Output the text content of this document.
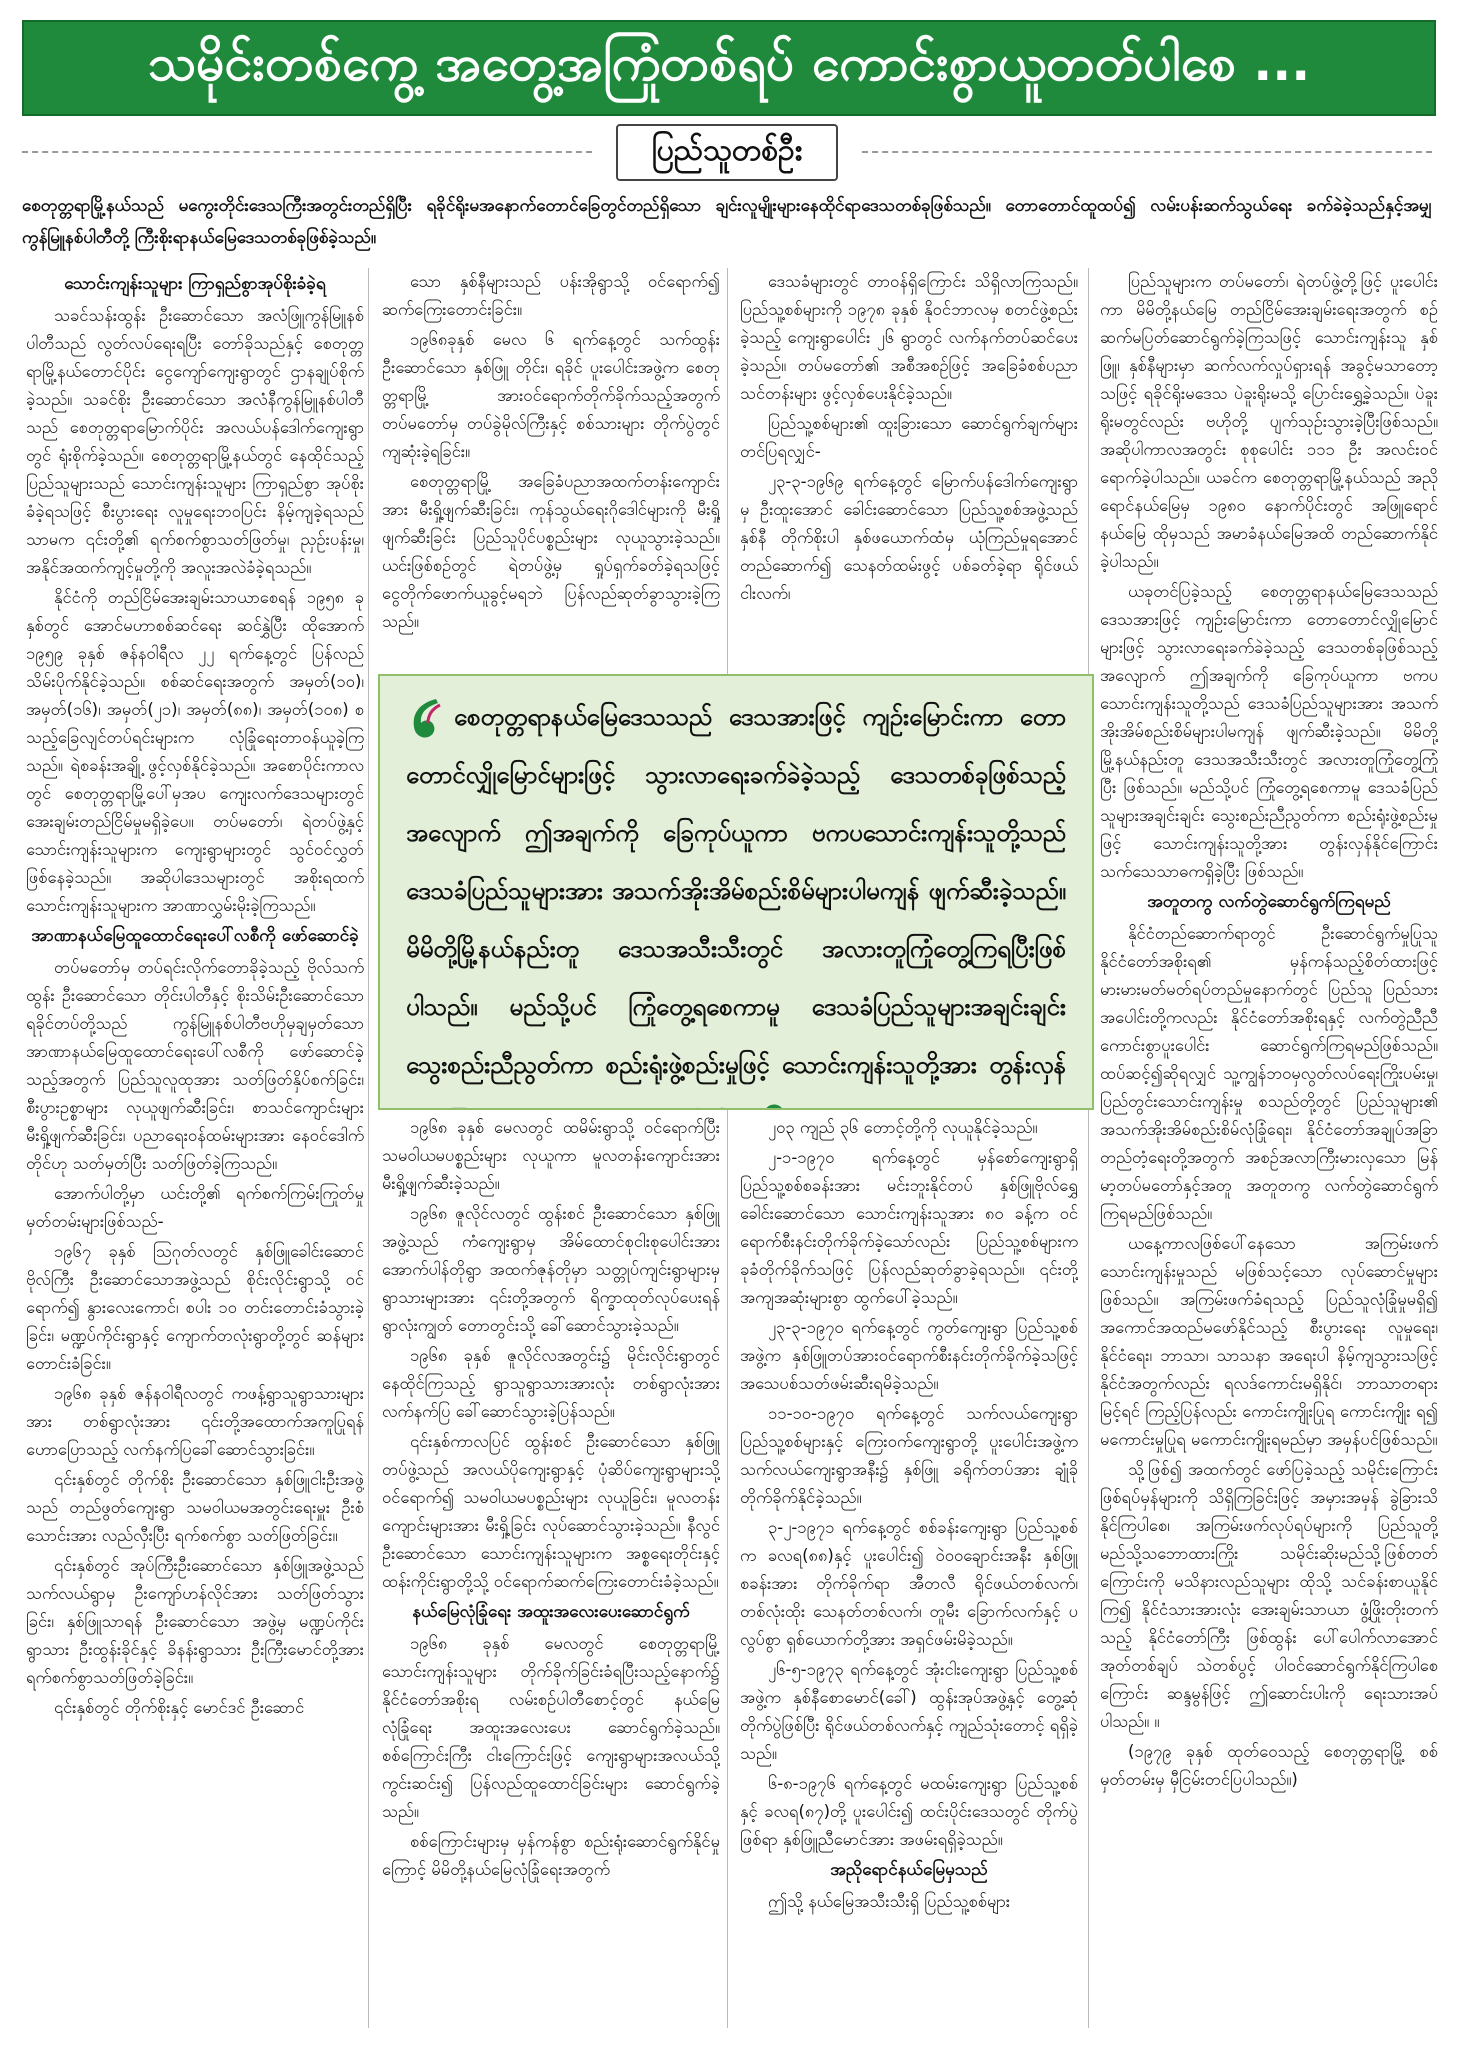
သမိုင်းတစ်ကွေ့ အတွေ့အကြုံတစ်ရပ် ကောင်းစွာယူတတ်ပါစေ ...
ပြည်သူတစ်ဦး
စေတုတ္တရာမြို့နယ်သည် မကွေးတိုင်းဒေသကြီးအတွင်းတည်ရှိပြီး ရခိုင်ရိုးမအနောက်တောင်ခြေတွင်တည်ရှိသော ချင်းလူမျိုးများနေထိုင်ရာဒေသတစ်ခုဖြစ်သည်။ တောတောင်ထူထပ်၍ လမ်းပန်းဆက်သွယ်ရေး ခက်ခဲခဲ့သည်နှင့်အမျှ ကွန်မြူနစ်ပါတီတို့ ကြီးစိုးရာနယ်မြေဒေသတစ်ခုဖြစ်ခဲ့သည်။
သောင်းကျန်းသူများ ကြာရှည်စွာအုပ်စိုးခံခဲ့ရ

သခင်သန်းထွန်း ဦးဆောင်သော အလံဖြူကွန်မြူနစ်ပါတီသည် လွတ်လပ်ရေးရပြီး တော်ခိုသည်နှင့် စေတုတ္တရာမြို့နယ်တောင်ပိုင်း ငွေကျော်ကျေးရွာတွင် ဌာနချုပ်စိုက်ခဲ့သည်။ သခင်စိုး ဦးဆောင်သော အလံနီကွန်မြူနစ်ပါတီသည် စေတုတ္တရာမြောက်ပိုင်း အလယ်ပန်ဒေါက်ကျေးရွာတွင် ရုံးစိုက်ခဲ့သည်။ စေတုတ္တရာမြို့နယ်တွင် နေထိုင်သည့် ပြည်သူများသည် သောင်းကျန်းသူများ ကြာရှည်စွာ အုပ်စိုးခံခဲ့ရသဖြင့် စီးပွားရေး လူမှုရေးဘဝပြင်း နိမ့်ကျခဲ့ရသည်သာမက ၎င်းတို့၏ ရက်စက်စွာသတ်ဖြတ်မှု၊ ညှဉ်းပန်းမှု၊ အနိုင်အထက်ကျင့်မှုတို့ကို အလူးအလဲခံခဲ့ရသည်။

နိုင်ငံကို တည်ငြိမ်အေးချမ်းသာယာစေရန် ၁၉၅၈ ခုနှစ်တွင် အောင်မဟာစစ်ဆင်ရေး ဆင်နွှဲပြီး ထိုအောက် ၁၉၅၉ ခုနှစ် ဇန်နဝါရီလ ၂၂ ရက်နေ့တွင် ပြန်လည်သိမ်းပိုက်နိုင်ခဲ့သည်။ စစ်ဆင်ရေးအတွက် အမှတ်(၁၀)၊ အမှတ်(၁၆)၊ အမှတ်(၂၁)၊ အမှတ်(၈၈)၊ အမှတ်(၁၀၈) စသည့်ခြေလျင်တပ်ရင်းများက လုံခြုံရေးတာဝန်ယူခဲ့ကြသည်။ ရဲစခန်းအချို့ ဖွင့်လှစ်နိုင်ခဲ့သည်။ အစောပိုင်းကာလတွင် စေတုတ္တရာမြို့ပေါ်မှအပ ကျေးလက်ဒေသများတွင် အေးချမ်းတည်ငြိမ်မှုမရှိခဲ့ပေ။ တပ်မတော်၊ ရဲတပ်ဖွဲ့နှင့် သောင်းကျန်းသူများက ကျေးရွာများတွင် သွင်ဝင်လွှတ် ဖြစ်နေခဲ့သည်။ အဆိုပါဒေသများတွင် အစိုးရထက် သောင်းကျန်းသူများက အာဏာလွှမ်းမိုးခဲ့ကြသည်။

အာဏာနယ်မြေထူထောင်ရေးပေါ်လစီကို ဖော်ဆောင်ခဲ့

တပ်မတော်မှ တပ်ရင်းလိုက်တောခိုခဲ့သည့် ဗိုလ်သက်ထွန်း ဦးဆောင်သော တိုင်းပါတီနှင့် စိုးသိမ်းဦးဆောင်သော ရခိုင်တပ်တို့သည် ကွန်မြူနစ်ပါတီဗဟိုမှချမှတ်သော အာဏာနယ်မြေထူထောင်ရေးပေါ်လစီကို ဖော်ဆောင်ခဲ့သည့်အတွက် ပြည်သူလူထုအား သတ်ဖြတ်နှိပ်စက်ခြင်း၊ စီးပွားဥစ္စာများ လုယူဖျက်ဆီးခြင်း၊ စာသင်ကျောင်းများ မီးရှို့ဖျက်ဆီးခြင်း၊ ပညာရေးဝန်ထမ်းများအား နေဝင်ဒေါက်တိုင်ဟု သတ်မှတ်ပြီး သတ်ဖြတ်ခဲ့ကြသည်။

အောက်ပါတို့မှာ ယင်းတို့၏ ရက်စက်ကြမ်းကြုတ်မှုမှတ်တမ်းများဖြစ်သည်-

၁၉၆၇ ခုနှစ် ဩဂုတ်လတွင် နှစ်ဖြူခေါင်းဆောင်ဗိုလ်ကြီး ဦးဆောင်သောအဖွဲ့သည် စိုင်းလိုင်းရွာသို့ ဝင်ရောက်၍ နွားလေးကောင်၊ စပါး ၁၀ တင်းတောင်းခံသွားခဲ့ခြင်း၊ မဏ္ဍပ်ကိုင်းရွာနှင့် ကျောက်တလုံးရွာတို့တွင် ဆန်များတောင်းခံခြင်း။

၁၉၆၈ ခုနှစ် ဇန်နဝါရီလတွင် ကဖန့်ရွာသူရွာသားများအား တစ်ရွာလုံးအား ၎င်းတို့အထောက်အကူပြုရန် ဟောပြောသည့် လက်နက်ပြခေါ်ဆောင်သွားခြင်း။

၎င်းနှစ်တွင် တိုက်စိုး ဦးဆောင်သော နှစ်ဖြူငါးဦးအဖွဲ့သည် တည်ဖွတ်ကျေးရွာ သမဝါယမအတွင်းရေးမှူး ဦးစံသောင်းအား လည်လှီးပြီး ရက်စက်စွာ သတ်ဖြတ်ခြင်း။

၎င်းနှစ်တွင် အုပ်ကြီးဦးဆောင်သော နှစ်ဖြူအဖွဲ့သည် သက်လယ်ရွာမှ ဦးကျော်ဟန်လိုင်အား သတ်ဖြတ်သွားခြင်း၊ နှစ်ဖြူသာရန် ဦးဆောင်သော အဖွဲ့မှ မဏ္ဍပ်ကိုင်းရွာသား ဦးထွန်းခိုင်နှင့် ခိနန်းရွာသား ဦးကြီးမောင်တို့အား ရက်စက်စွာသတ်ဖြတ်ခဲ့ခြင်း။

၎င်းနှစ်တွင် တိုက်စိုးနှင့် မောင်ဒင် ဦးဆောင်

သော နှစ်နီများသည် ပန်းအိုရွာသို့ ဝင်ရောက်၍ ဆက်ကြေးတောင်းခြင်း။

၁၉၆၈ခုနှစ် မေလ ၆ ရက်နေ့တွင် သက်ထွန်း ဦးဆောင်သော နှစ်ဖြူ တိုင်း၊ ရခိုင် ပူးပေါင်းအဖွဲ့က စေတုတ္တရာမြို့ အားဝင်ရောက်တိုက်ခိုက်သည့်အတွက် တပ်မတော်မှ တပ်ခွဲမိုလ်ကြီးနှင့် စစ်သားများ တိုက်ပွဲတွင် ကျဆုံးခဲ့ရခြင်း။

စေတုတ္တရာမြို့ အခြေခံပညာအထက်တန်းကျောင်းအား မီးရှို့ဖျက်ဆီးခြင်း၊ ကုန်သွယ်ရေးဂိုဒေါင်များကို မီးရှို့ဖျက်ဆီးခြင်း ပြည်သူပိုင်ပစ္စည်းများ လုယူသွားခဲ့သည်။ ယင်းဖြစ်စဉ်တွင် ရဲတပ်ဖွဲ့မှ ရှုပ်ရှက်ခတ်ခဲ့ရသဖြင့် ငွေတိုက်ဖောက်ယူခွင့်မရဘဲ ပြန်လည်ဆုတ်ခွာသွားခဲ့ကြသည်။

၁၉၆၈ ခုနှစ် မေလတွင် ထမိမ်းရွာသို့ ဝင်ရောက်ပြီး သမဝါယမပစ္စည်းများ လုယူကာ မူလတန်းကျောင်းအား မီးရှို့ဖျက်ဆီးခဲ့သည်။

၁၉၆၈ ဇူလိုင်လတွင် ထွန်းစင် ဦးဆောင်သော နှစ်ဖြူအဖွဲ့သည် ကံကျေးရွာမှ အိမ်ထောင်စုငါးစုပေါင်းအား အောက်ပါန်တိုရွာ အထက်ဇုန်တိုမှာ သတ္တုပ်ကျင်းရွာများမှ ရွာသားများအား ၎င်းတို့အတွက် ရိက္ခာထုတ်လုပ်ပေးရန် ရွာလုံးကျွတ် တောတွင်းသို့ ခေါ်ဆောင်သွားခဲ့သည်။

၁၉၆၈ ခုနှစ် ဇူလိုင်လအတွင်း၌ မိုင်းလိုင်းရွာတွင် နေထိုင်ကြသည့် ရွာသူရွာသားအားလုံး တစ်ရွာလုံးအား လက်နက်ပြ ခေါ်ဆောင်သွားခဲ့ပြန်သည်။

၎င်းနှစ်ကာလပြင် ထွန်းစင် ဦးဆောင်သော နှစ်ဖြူတပ်ဖွဲ့သည် အလယ်ပိုကျေးရွာနှင့် ပုံဆိပ်ကျေးရွာများသို့ ဝင်ရောက်၍ သမဝါယမပစ္စည်းများ လုယူခြင်း၊ မူလတန်းကျောင်းများအား မီးရှို့ခြင်း လုပ်ဆောင်သွားခဲ့သည်။ နီလွင် ဦးဆောင်သော သောင်းကျန်းသူများက အစ္စရေးတိုင်းနှင့် ထန်းကိုင်းရွာတို့သို့ ဝင်ရောက်ဆက်ကြေးတောင်းခံခဲ့သည်။

နယ်မြေလုံခြုံရေး အထူးအလေးပေးဆောင်ရွက်

၁၉၆၈ ခုနှစ် မေလတွင် စေတုတ္တရာမြို့ သောင်းကျန်းသူများ တိုက်ခိုက်ခြင်းခံရပြီးသည့်နောက်၌ နိုင်ငံတော်အစိုးရ လမ်းစဉ်ပါတီစောင့်တွင် နယ်မြေလုံခြုံရေး အထူးအလေးပေး ဆောင်ရွက်ခဲ့သည်။ စစ်ကြောင်းကြီး ငါးကြောင်းဖြင့် ကျေးရွာများအလယ်သို့ ကွင်းဆင်း၍ ပြန်လည်ထူထောင်ခြင်းများ ဆောင်ရွက်ခဲ့သည်။

စစ်ကြောင်းများမှ မှန်ကန်စွာ စည်းရုံးဆောင်ရွက်နိုင်မှုကြောင့် မိမိတို့နယ်မြေလုံခြုံရေးအတွက်

ဒေသခံများတွင် တာဝန်ရှိကြောင်း သိရှိလာကြသည်။ ပြည်သူ့စစ်များကို ၁၉၇၈ ခုနှစ် နိုဝင်ဘာလမှ စတင်ဖွဲ့စည်းခဲ့သည့် ကျေးရွာပေါင်း ၂၆ ရွာတွင် လက်နက်တပ်ဆင်ပေးခဲ့သည်။ တပ်မတော်၏ အစီအစဉ်ဖြင့် အခြေခံစစ်ပညာသင်တန်းများ ဖွင့်လှစ်ပေးနိုင်ခဲ့သည်။

ပြည်သူ့စစ်များ၏ ထူးခြားသော ဆောင်ရွက်ချက်များတင်ပြရလျှင်-

၂၃-၃-၁၉၆၉ ရက်နေ့တွင် မြောက်ပန်ဒေါက်ကျေးရွာမှ ဦးထူးအောင် ခေါင်းဆောင်သော ပြည်သူ့စစ်အဖွဲ့သည် နှစ်နီ တိုက်စိုးပါ နှစ်ဖယောက်ထံမှ ယုံကြည်မှုရအောင် တည်ဆောက်၍ သေနတ်ထမ်းဖွင့် ပစ်ခတ်ခဲ့ရာ ရိုင်ဖယ် ငါးလက်၊

၂၀၃ ကျည် ၃၆ တောင့်တို့ကို လုယူနိုင်ခဲ့သည်။

၂-၁-၁၉၇၀ ရက်နေ့တွင် မှန်စော်ကျေးရွာရှိ ပြည်သူ့စစ်စခန်းအား မင်းဘူးနိုင်တပ် နှစ်ဖြူဗိုလ်ရွှေခေါင်းဆောင်သော သောင်းကျန်းသူအား ၈၀ ခန့်က ဝင်ရောက်စီးနင်းတိုက်ခိုက်ခဲ့သော်လည်း ပြည်သူ့စစ်များက ခုခံတိုက်ခိုက်သဖြင့် ပြန်လည်ဆုတ်ခွာခဲ့ရသည်။ ၎င်းတို့ အကျအဆုံးများစွာ ထွက်ပေါ်ခဲ့သည်။

၂၃-၃-၁၉၇၀ ရက်နေ့တွင် ကွတ်ကျေးရွာ ပြည်သူ့စစ်အဖွဲ့က နှစ်ဖြူတပ်အားဝင်ရောက်စီးနင်းတိုက်ခိုက်ခဲ့သဖြင့် အသေပစ်သတ်ဖမ်းဆီးရမိခဲ့သည်။

၁၁-၁၀-၁၉၇၀ ရက်နေ့တွင် သက်လယ်ကျေးရွာ ပြည်သူ့စစ်များနှင့် ကြေးဝက်ကျေးရွာတို့ ပူးပေါင်းအဖွဲ့က သက်လယ်ကျေးရွာအနီး၌ နှစ်ဖြူ ခရိုက်တပ်အား ချုံခိုတိုက်ခိုက်နိုင်ခဲ့သည်။

၃-၂-၁၉၇၁ ရက်နေ့တွင် စစ်ခန်းကျေးရွာ ပြည်သူ့စစ်က ခလရ(၈၈)နှင့် ပူးပေါင်း၍ ဝဲဝဝချောင်းအနီး နှစ်ဖြူစခန်းအား တိုက်ခိုက်ရာ အီတလီ ရိုင်ဖယ်တစ်လက်၊ တစ်လုံးထိုး သေနတ်တစ်လက်၊ တူမီး ခြောက်လက်နှင့် ပလွပ်စွာ ရှစ်ယောက်တို့အား အရှင်ဖမ်းမိခဲ့သည်။

၂၆-၅-၁၉၇၃ ရက်နေ့တွင် အုံးငါးကျေးရွာ ပြည်သူ့စစ်အဖွဲ့က နှစ်နီစောမောင်(ခေါ်) ထွန်းအုပ်အဖွဲ့နှင့် တွေ့ဆုံတိုက်ပွဲဖြစ်ပြီး ရိုင်ဖယ်တစ်လက်နှင့် ကျည်သုံးတောင့် ရရှိခဲ့သည်။

၆-၈-၁၉၇၆ ရက်နေ့တွင် မထမ်းကျေးရွာ ပြည်သူ့စစ်နှင့် ခလရ(၈၇)တို့ ပူးပေါင်း၍ ထင်းပိုင်းဒေသတွင် တိုက်ပွဲဖြစ်ရာ နှစ်ဖြူညီမောင်အား အဖမ်းရရှိခဲ့သည်။

အညိုရောင်နယ်မြေမှသည်

ဤသို့ နယ်မြေအသီးသီးရှိ ပြည်သူ့စစ်များ

ပြည်သူများက တပ်မတော်၊ ရဲတပ်ဖွဲ့တို့ဖြင့် ပူးပေါင်းကာ မိမိတို့နယ်မြေ တည်ငြိမ်အေးချမ်းရေးအတွက် စဉ်ဆက်မပြတ်ဆောင်ရွက်ခဲ့ကြသဖြင့် သောင်းကျန်းသူ နှစ်ဖြူ၊ နှစ်နီများမှာ ဆက်လက်လှုပ်ရှားရန် အခွင့်မသာတော့သဖြင့် ရခိုင်ရိုးမဒေသ ပဲခူးရိုးမသို့ ပြောင်းရွှေ့ခဲ့သည်။ ပဲခူးရိုးမတွင်လည်း ဗဟိုတို့ ပျက်သုဉ်းသွားခဲ့ပြီးဖြစ်သည်။ အဆိုပါကာလအတွင်း စုစုပေါင်း ၁၁၁ ဦး အလင်းဝင်ရောက်ခဲ့ပါသည်။ ယခင်က စေတုတ္တရာမြို့နယ်သည် အညိုရောင်နယ်မြေမှ ၁၉၈၀ နောက်ပိုင်းတွင် အဖြူရောင်နယ်မြေ ထိုမှသည် အမာခံနယ်မြေအထိ တည်ဆောက်နိုင်ခဲ့ပါသည်။

ယခုတင်ပြခဲ့သည့် စေတုတ္တရာနယ်မြေဒေသသည် ဒေသအားဖြင့် ကျဉ်းမြောင်းကာ တောတောင်လျှိုမြောင်များဖြင့် သွားလာရေးခက်ခဲခဲ့သည့် ဒေသတစ်ခုဖြစ်သည့်အလျောက် ဤအချက်ကို ခြေကုပ်ယူကာ ဗကပသောင်းကျန်းသူတို့သည် ဒေသခံပြည်သူများအား အသက်အိုးအိမ်စည်းစိမ်များပါမကျန် ဖျက်ဆီးခဲ့သည်။ မိမိတို့မြို့နယ်နည်းတူ ဒေသအသီးသီးတွင် အလားတူကြုံတွေ့ကြုံပြီး ဖြစ်သည်။ မည်သို့ပင် ကြုံတွေ့ရစေကာမူ ဒေသခံပြည်သူများအချင်းချင်း သွေးစည်းညီညွတ်ကာ စည်းရုံးဖွဲ့စည်းမှုဖြင့် သောင်းကျန်းသူတို့အား တွန်းလှန်နိုင်ကြောင်း သက်သေသာဓကရှိခဲ့ပြီး ဖြစ်သည်။

အတူတကွ လက်တွဲဆောင်ရွက်ကြရမည်

နိုင်ငံတည်ဆောက်ရာတွင် ဦးဆောင်ရွက်မှုပြုသူ နိုင်ငံတော်အစိုးရ၏ မှန်ကန်သည့်စိတ်ထားဖြင့် မားမားမတ်မတ်ရပ်တည်မှုနောက်တွင် ပြည်သူ ပြည်သားအပေါင်းတို့ကလည်း နိုင်ငံတော်အစိုးရနှင့် လက်တွဲညီညီ ကောင်းစွာပူးပေါင်း ဆောင်ရွက်ကြရမည်ဖြစ်သည်။ ထပ်ဆင့်၍ဆိုရလျှင် သူ့ကျွန်ဘဝမှလွတ်လပ်ရေးကြိုးပမ်းမှု၊ ပြည်တွင်းသောင်းကျန်းမှု စသည်တို့တွင် ပြည်သူများ၏ အသက်အိုးအိမ်စည်းစိမ်လုံခြုံရေး၊ နိုင်ငံတော်အချုပ်အခြာ တည်တံ့ရေးတို့အတွက် အစဉ်အလာကြီးမားလှသော မြန်မာ့တပ်မတော်နှင့်အတူ အတူတကွ လက်တွဲဆောင်ရွက်ကြရမည်ဖြစ်သည်။

ယနေ့ကာလဖြစ်ပေါ်နေသော အကြမ်းဖက်သောင်းကျန်းမှုသည် မဖြစ်သင့်သော လုပ်ဆောင်မှုများဖြစ်သည်။ အကြမ်းဖက်ခံရသည့် ပြည်သူလုံခြုံမှုမရှိ၍ အကောင်အထည်မဖော်နိုင်သည့် စီးပွားရေး လူမှုရေး၊ နိုင်ငံရေး၊ ဘာသာ၊ သာသနာ အရေးပါ နိမ့်ကျသွားသဖြင့် နိုင်ငံအတွက်လည်း ရလဒ်ကောင်းမရှိနိုင်၊ ဘာသာတရားမြင့်ရင် ကြည့်ပြန်လည်း ကောင်းကျိုးပြုရ ကောင်းကျိုး ရ၍ မကောင်းမှုပြုရ မကောင်းကျိုးရမည်မှာ အမှန်ပင်ဖြစ်သည်။

သို့ဖြစ်၍ အထက်တွင် ဖော်ပြခဲ့သည့် သမိုင်းကြောင်းဖြစ်ရပ်မှန်များကို သိရှိကြခြင်းဖြင့် အမှားအမှန် ခွဲခြားသိနိုင်ကြပါစေ၊ အကြမ်းဖက်လုပ်ရပ်များကို ပြည်သူတို့ မည်သို့သဘောထားကြိုး သမိုင်းဆိုးမည်သို့ဖြစ်တတ်ကြောင်းကို မသိနားလည်သူများ ထိုသို့ သင်ခန်းစာယူနိုင်ကြ၍ နိုင်ငံသားအားလုံး အေးချမ်းသာယာ ဖွံ့ဖြိုးတိုးတက်သည့် နိုင်ငံတော်ကြီး ဖြစ်ထွန်း ပေါ်ပေါက်လာအောင် အုတ်တစ်ချပ် သဲတစ်ပွင့် ပါဝင်ဆောင်ရွက်နိုင်ကြပါစေကြောင်း ဆန္ဒမွန်ဖြင့် ဤဆောင်းပါးကို ရေးသားအပ်ပါသည်။ ။

(၁၉၇၉ ခုနှစ် ထုတ်ဝေသည့် စေတုတ္တရာမြို့ စစ်မှတ်တမ်းမှ မှီငြမ်းတင်ပြပါသည်။)

စေတုတ္တရာနယ်မြေဒေသသည် ဒေသအားဖြင့် ကျဉ်းမြောင်းကာ တောတောင်လျှိုမြောင်များဖြင့် သွားလာရေးခက်ခဲခဲ့သည့် ဒေသတစ်ခုဖြစ်သည့်အလျောက် ဤအချက်ကို ခြေကုပ်ယူကာ ဗကပသောင်းကျန်းသူတို့သည် ဒေသခံပြည်သူများအား အသက်အိုးအိမ်စည်းစိမ်များပါမကျန် ဖျက်ဆီးခဲ့သည်။ မိမိတို့မြို့နယ်နည်းတူ ဒေသအသီးသီးတွင် အလားတူကြုံတွေ့ကြရပြီးဖြစ်ပါသည်။ မည်သို့ပင် ကြုံတွေ့ရစေကာမူ ဒေသခံပြည်သူများအချင်းချင်း သွေးစည်းညီညွတ်ကာ စည်းရုံးဖွဲ့စည်းမှုဖြင့် သောင်းကျန်းသူတို့အား တွန်းလှန်
